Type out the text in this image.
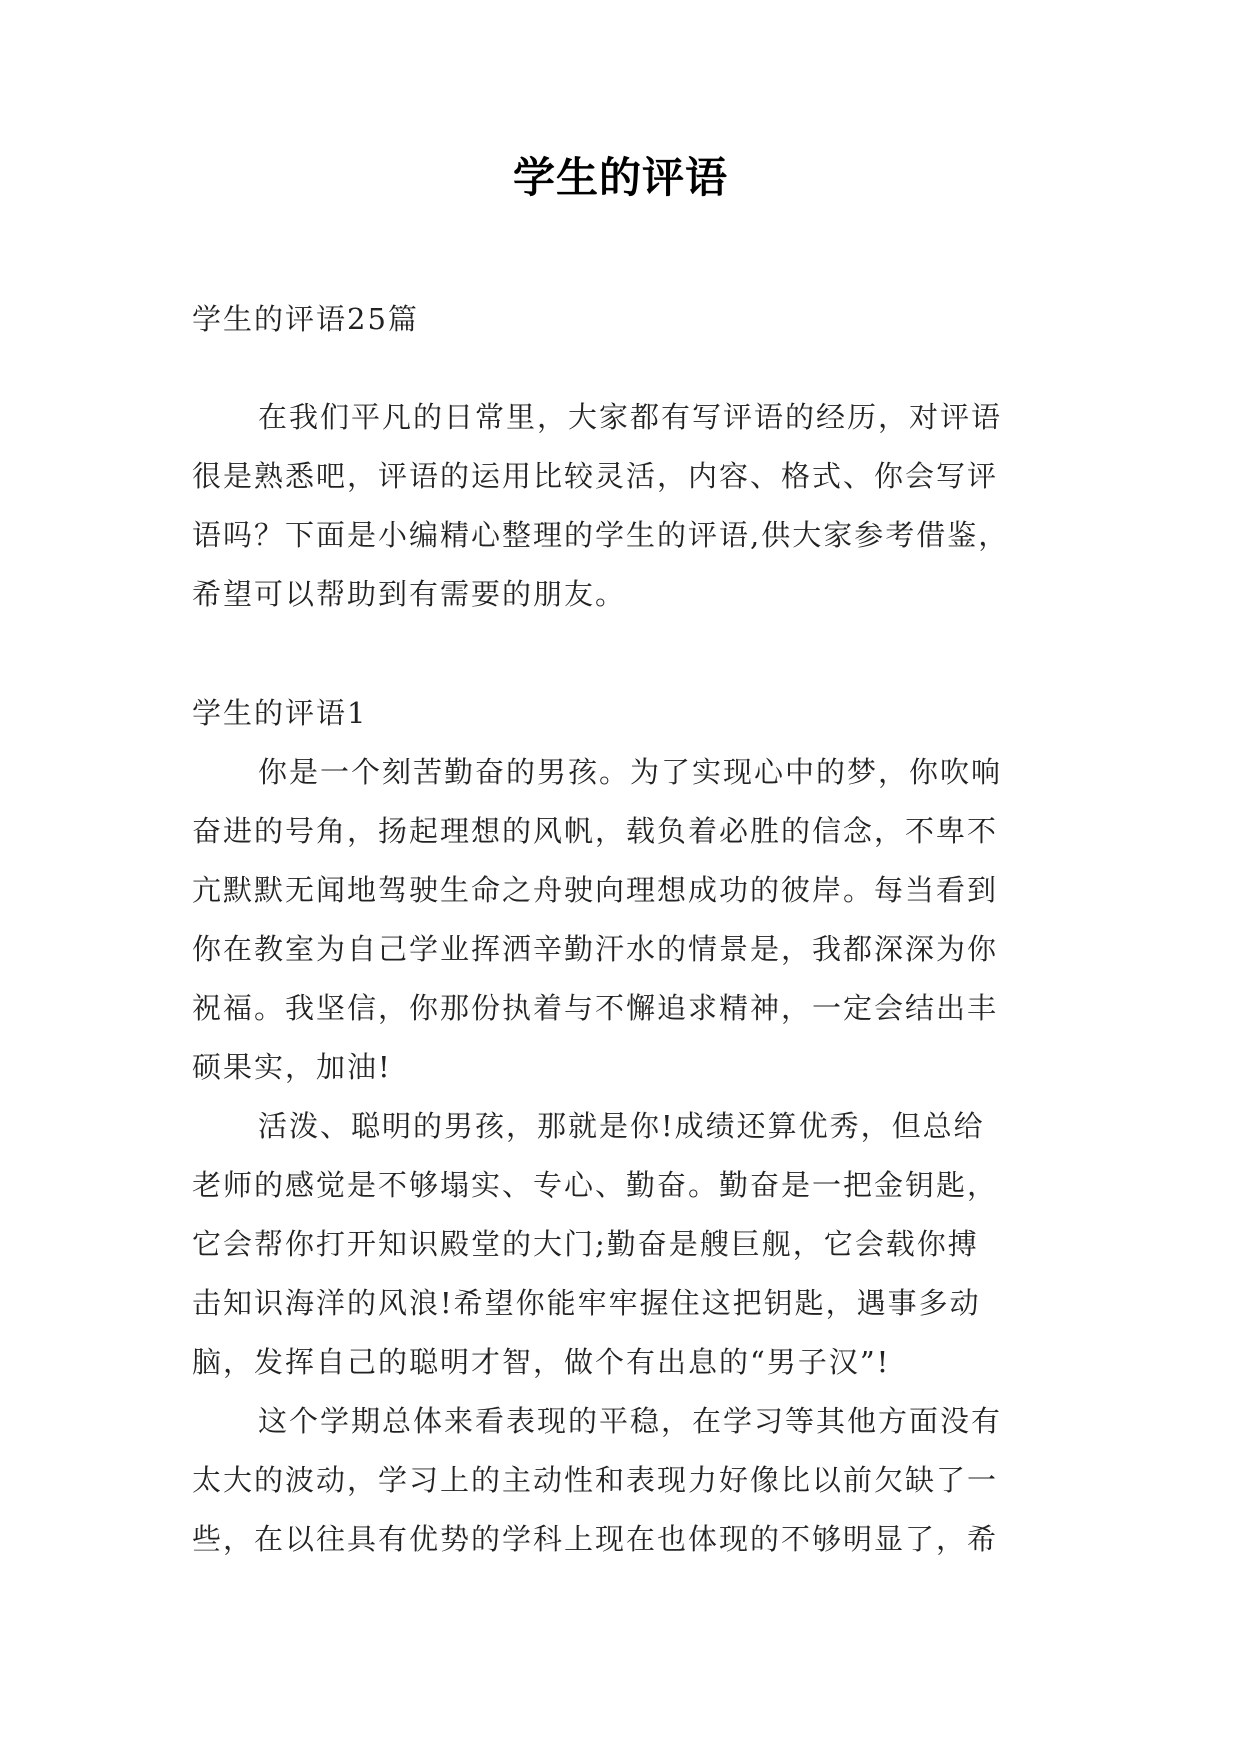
学生的评语
学生的评语25篇
在我们平凡的日常里，大家都有写评语的经历，对评语
很是熟悉吧，评语的运用比较灵活，内容、格式、你会写评
语吗？下面是小编精心整理的学生的评语,供大家参考借鉴，
希望可以帮助到有需要的朋友。
学生的评语1
你是一个刻苦勤奋的男孩。为了实现心中的梦，你吹响
奋进的号角，扬起理想的风帆，载负着必胜的信念，不卑不
亢默默无闻地驾驶生命之舟驶向理想成功的彼岸。每当看到
你在教室为自己学业挥洒辛勤汗水的情景是，我都深深为你
祝福。我坚信，你那份执着与不懈追求精神，一定会结出丰
硕果实，加油!
活泼、聪明的男孩，那就是你!成绩还算优秀，但总给
老师的感觉是不够塌实、专心、勤奋。勤奋是一把金钥匙，
它会帮你打开知识殿堂的大门;勤奋是艘巨舰，它会载你搏
击知识海洋的风浪!希望你能牢牢握住这把钥匙，遇事多动
脑，发挥自己的聪明才智，做个有出息的“男子汉”!
这个学期总体来看表现的平稳，在学习等其他方面没有
太大的波动，学习上的主动性和表现力好像比以前欠缺了一
些，在以往具有优势的学科上现在也体现的不够明显了，希
